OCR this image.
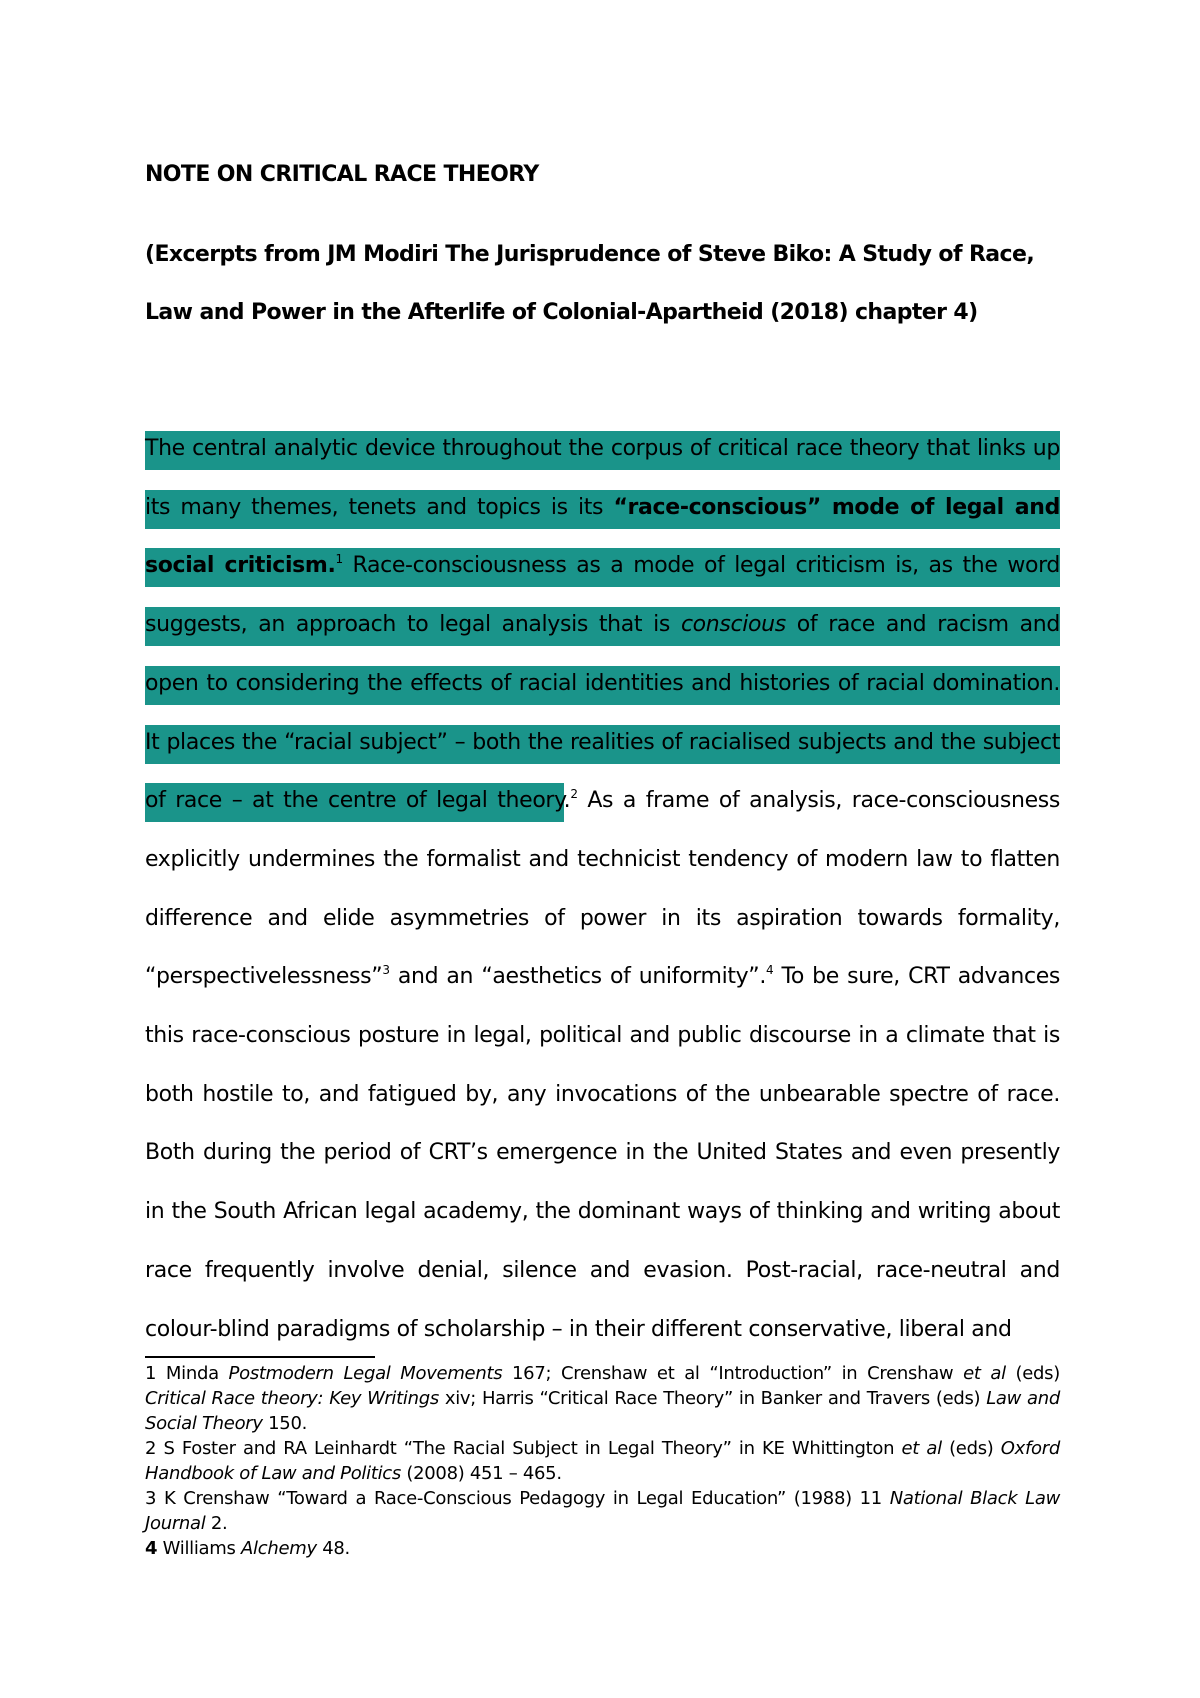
NOTE ON CRITICAL RACE THEORY
(Excerpts from JM Modiri The Jurisprudence of Steve Biko: A Study of Race, Law and Power in the Afterlife of Colonial-Apartheid (2018) chapter 4)
The central analytic device throughout the corpus of critical race theory that links up its many themes, tenets and topics is its “race-conscious” mode of legal and social criticism.$^1$ Race-consciousness as a mode of legal criticism is, as the word suggests, an approach to legal analysis that is conscious of race and racism and open to considering the effects of racial identities and histories of racial domination. It places the “racial subject” – both the realities of racialised subjects and the subject of race – at the centre of legal theory.$^2$ As a frame of analysis, race-consciousness explicitly undermines the formalist and technicist tendency of modern law to flatten difference and elide asymmetries of power in its aspiration towards formality, “perspectivelessness”$^3$ and an “aesthetics of uniformity”.$^4$ To be sure, CRT advances this race-conscious posture in legal, political and public discourse in a climate that is both hostile to, and fatigued by, any invocations of the unbearable spectre of race. Both during the period of CRT’s emergence in the United States and even presently in the South African legal academy, the dominant ways of thinking and writing about race frequently involve denial, silence and evasion. Post-racial, race-neutral and colour-blind paradigms of scholarship – in their different conservative, liberal and

1 Minda Postmodern Legal Movements 167; Crenshaw et al “Introduction” in Crenshaw et al (eds) Critical Race theory: Key Writings xiv; Harris “Critical Race Theory” in Banker and Travers (eds) Law and Social Theory 150.

2 S Foster and RA Leinhardt “The Racial Subject in Legal Theory” in KE Whittington et al (eds) Oxford Handbook of Law and Politics (2008) 451 – 465.

3 K Crenshaw “Toward a Race-Conscious Pedagogy in Legal Education” (1988) 11 National Black Law Journal 2.

4 Williams Alchemy 48.
